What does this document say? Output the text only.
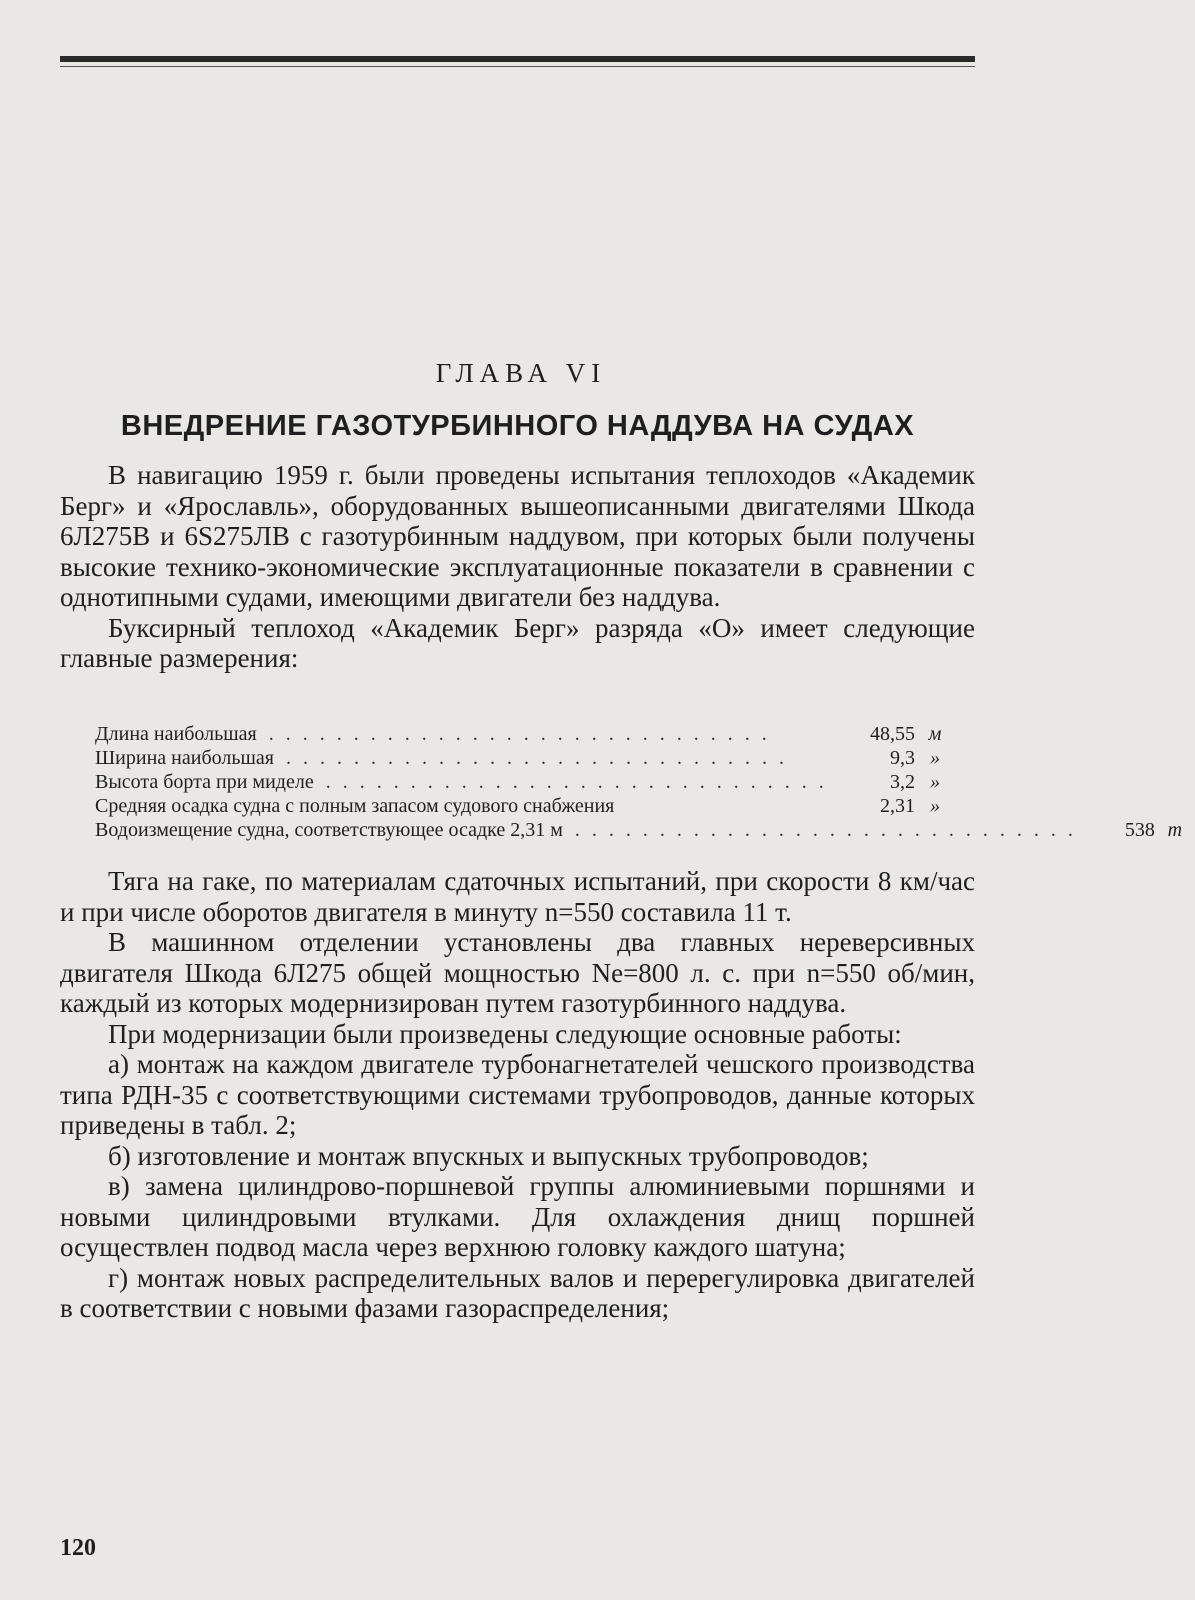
ГЛАВА VI
ВНЕДРЕНИЕ ГАЗОТУРБИННОГО НАДДУВА НА СУДАХ

В навигацию 1959 г. были проведены испытания теплоходов «Академик Берг» и «Ярославль», оборудованных вышеописанными двигателями Шкода 6Л275В и 6S275ЛВ с газотурбинным наддувом, при которых были получены высокие технико-экономические эксплуатационные показатели в сравнении с однотипными судами, имеющими двигатели без наддува.

Буксирный теплоход «Академик Берг» разряда «О» имеет следующие главные размерения:

Длина наибольшая ..............................	48,55 м
Ширина наибольшая ..............................	9,3 »
Высота борта при миделе ..............................	3,2 »
Средняя осадка судна с полным запасом судового снабжения	2,31 »
Водоизмещение судна, соответствующее осадке 2,31 м ..............................	538 т

Тяга на гаке, по материалам сдаточных испытаний, при скорости 8 км/час и при числе оборотов двигателя в минуту n=550 составила 11 т.

В машинном отделении установлены два главных нереверсивных двигателя Шкода 6Л275 общей мощностью Ne=800 л. с. при n=550 об/мин, каждый из которых модернизирован путем газотурбинного наддува.

При модернизации были произведены следующие основные работы:

а) монтаж на каждом двигателе турбонагнетателей чешского производства типа РДН-35 с соответствующими системами трубопроводов, данные которых приведены в табл. 2;

б) изготовление и монтаж впускных и выпускных трубопроводов;

в) замена цилиндрово-поршневой группы алюминиевыми поршнями и новыми цилиндровыми втулками. Для охлаждения днищ поршней осуществлен подвод масла через верхнюю головку каждого шатуна;

г) монтаж новых распределительных валов и перерегулировка двигателей в соответствии с новыми фазами газораспределения;

120
